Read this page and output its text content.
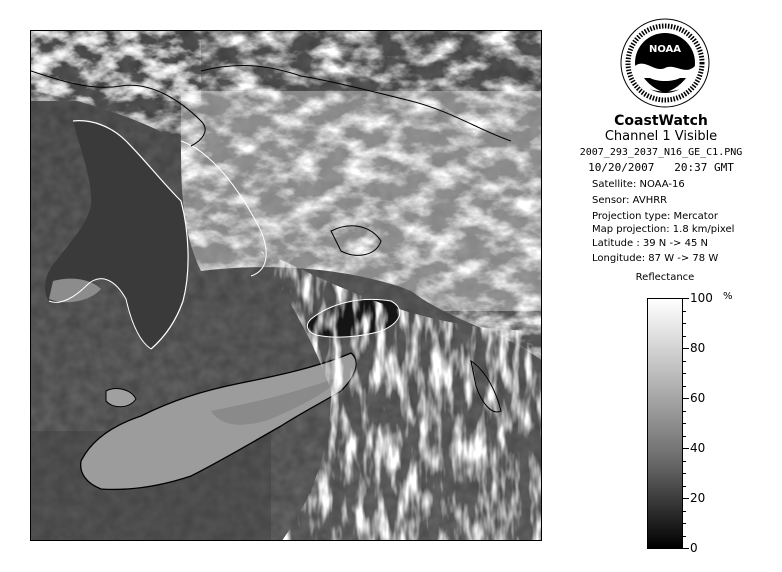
NOAA
CoastWatch
Channel 1 Visible
2007_293_2037_N16_GE_C1.PNG
10/20/2007 20:37 GMT
Satellite: NOAA-16
Sensor: AVHRR
Projection type: Mercator
Map projection: 1.8 km/pixel
Latitude : 39 N -> 45 N
Longitude: 87 W -> 78 W
Reflectance
%
100
80
60
40
20
0
